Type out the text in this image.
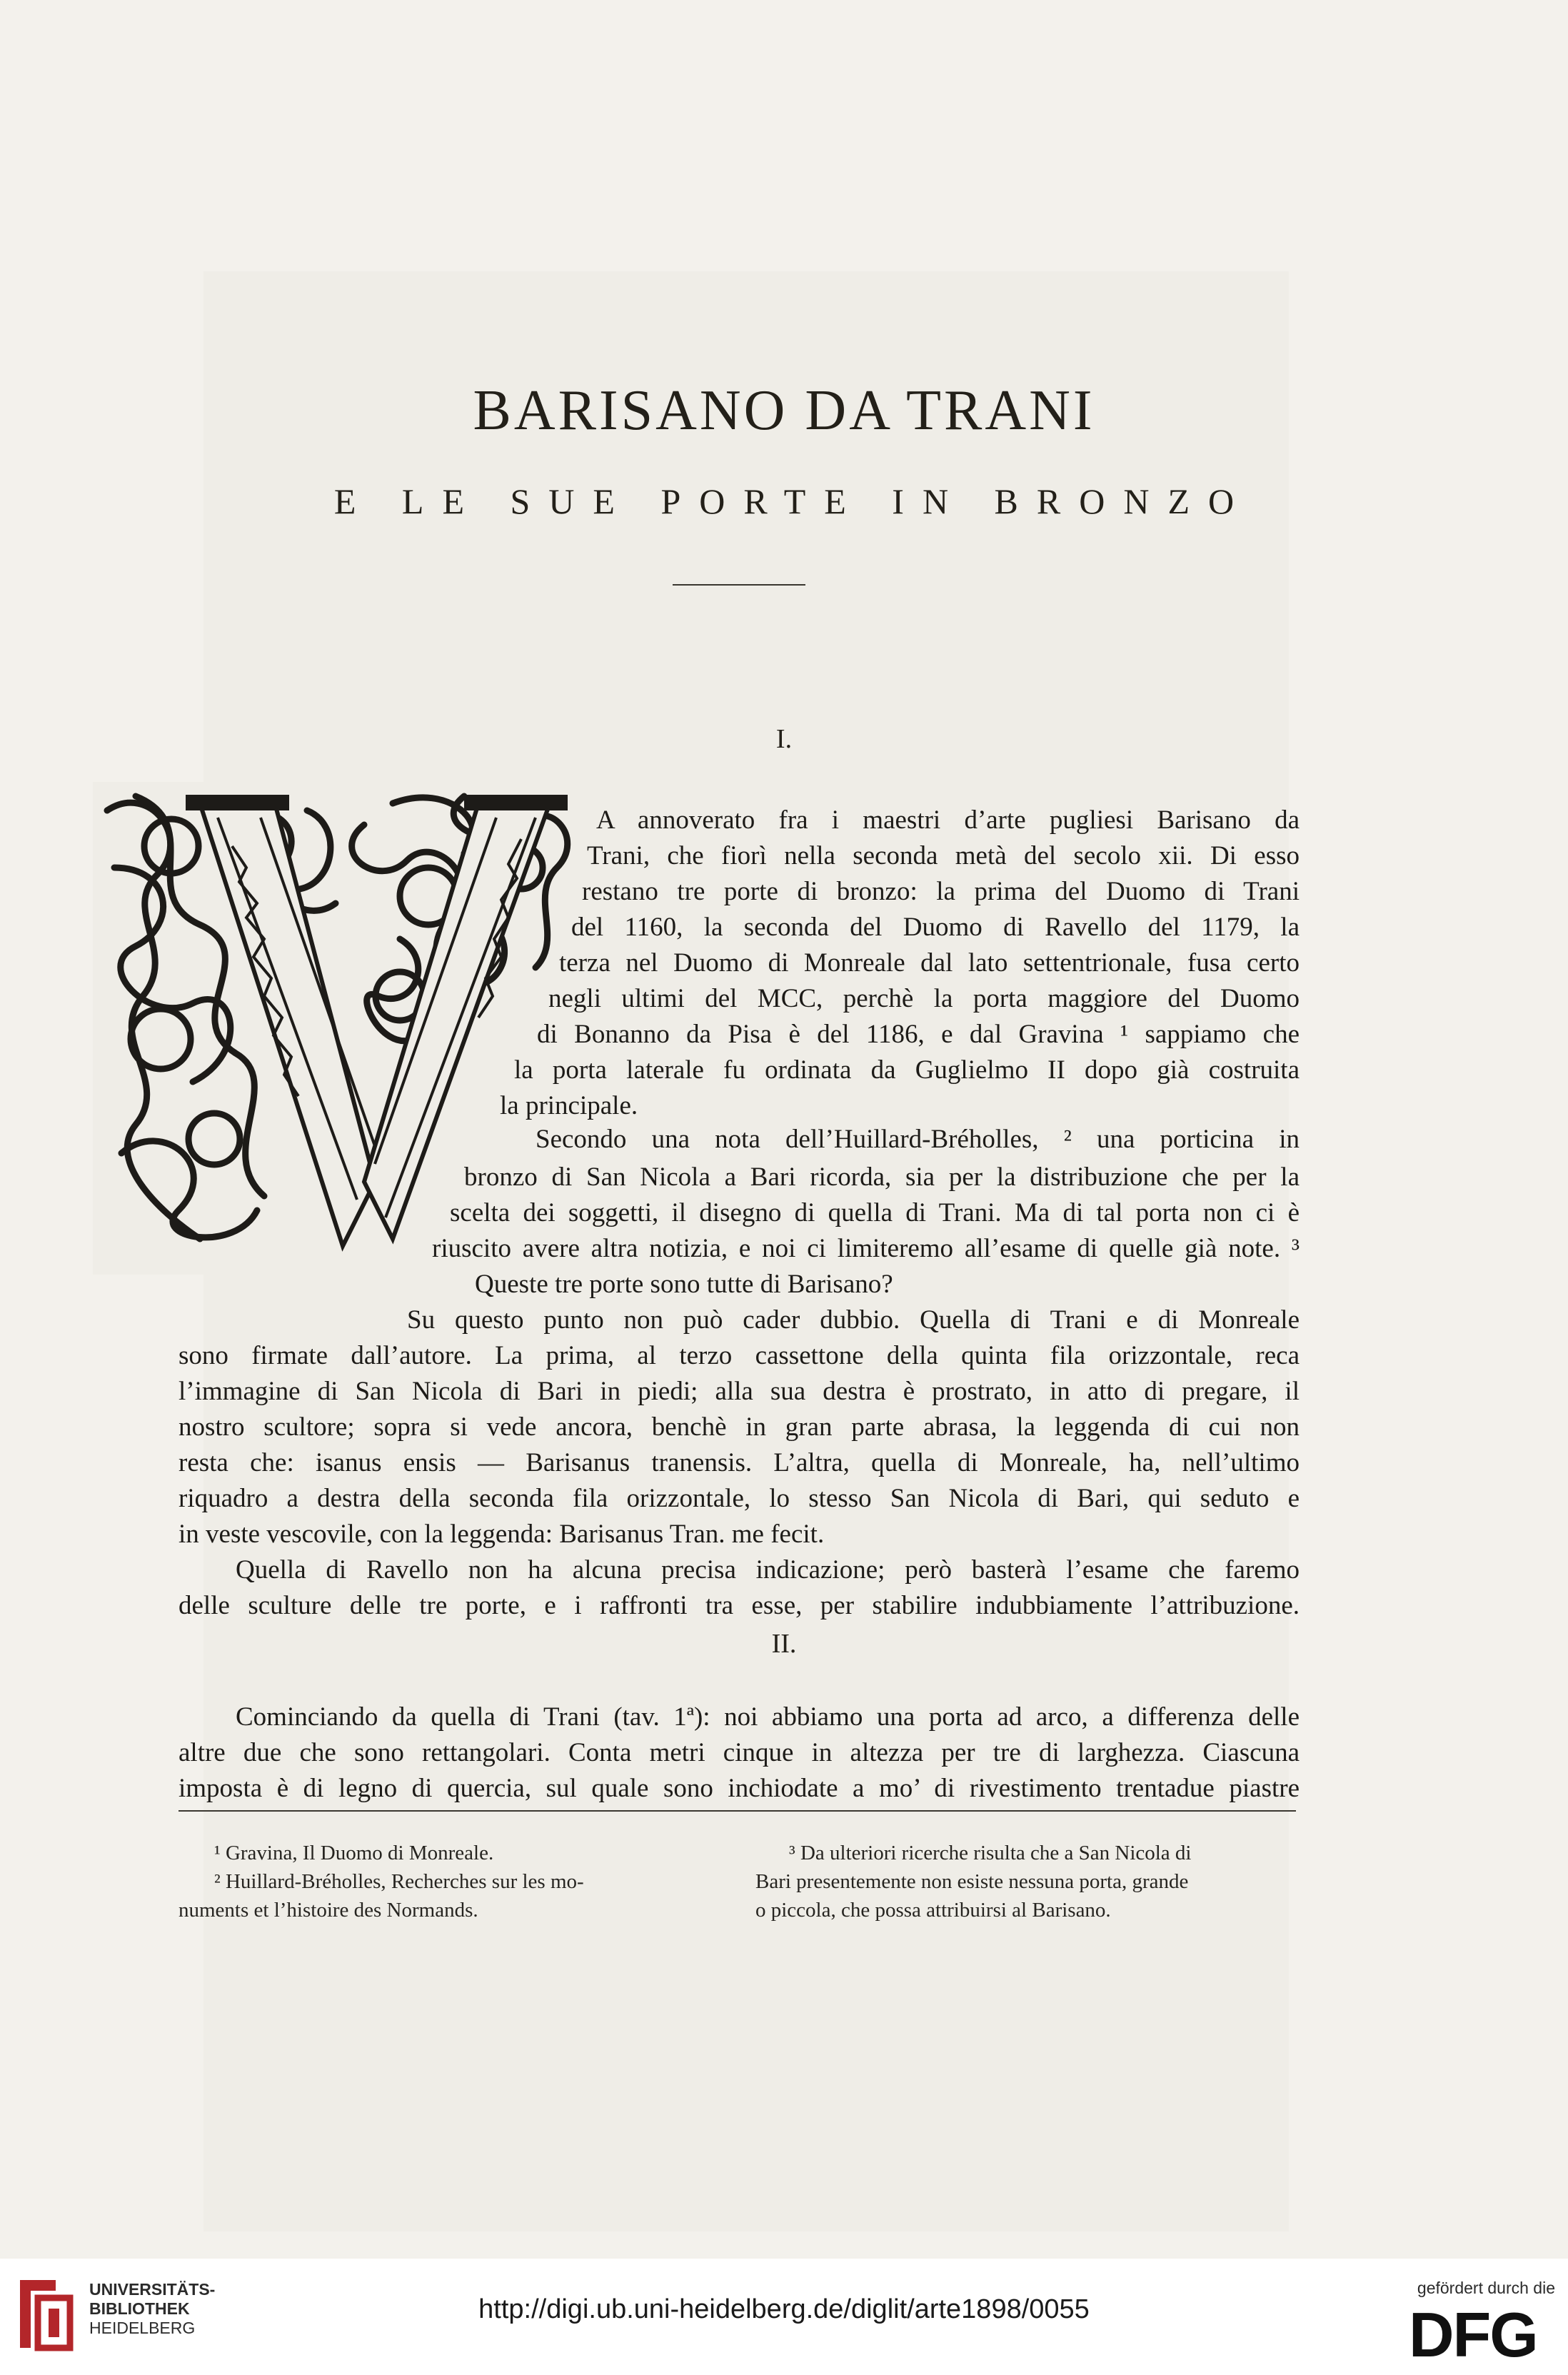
BARISANO DA TRANI
E LE SUE PORTE IN BRONZO
I.
A annoverato fra i maestri d’arte pugliesi Barisano da
Trani, che fiorì nella seconda metà del secolo xii. Di esso
restano tre porte di bronzo: la prima del Duomo di Trani
del 1160, la seconda del Duomo di Ravello del 1179, la
terza nel Duomo di Monreale dal lato settentrionale, fusa certo
negli ultimi del MCC, perchè la porta maggiore del Duomo
di Bonanno da Pisa è del 1186, e dal Gravina ¹ sappiamo che
la porta laterale fu ordinata da Guglielmo II dopo già costruita
la principale.
Secondo una nota dell’Huillard-Bréholles, ² una porticina in
bronzo di San Nicola a Bari ricorda, sia per la distribuzione che per la
scelta dei soggetti, il disegno di quella di Trani. Ma di tal porta non ci è
riuscito avere altra notizia, e noi ci limiteremo all’esame di quelle già note. ³
Queste tre porte sono tutte di Barisano?
Su questo punto non può cader dubbio. Quella di Trani e di Monreale
sono firmate dall’autore. La prima, al terzo cassettone della quinta fila orizzontale, reca
l’immagine di San Nicola di Bari in piedi; alla sua destra è prostrato, in atto di pregare, il
nostro scultore; sopra si vede ancora, benchè in gran parte abrasa, la leggenda di cui non
resta che: isanus ensis — Barisanus tranensis. L’altra, quella di Monreale, ha, nell’ultimo
riquadro a destra della seconda fila orizzontale, lo stesso San Nicola di Bari, qui seduto e
in veste vescovile, con la leggenda: Barisanus Tran. me fecit.
Quella di Ravello non ha alcuna precisa indicazione; però basterà l’esame che faremo
delle sculture delle tre porte, e i raffronti tra esse, per stabilire indubbiamente l’attribuzione.
II.
Cominciando da quella di Trani (tav. 1ª): noi abbiamo una porta ad arco, a differenza delle
altre due che sono rettangolari. Conta metri cinque in altezza per tre di larghezza. Ciascuna
imposta è di legno di quercia, sul quale sono inchiodate a mo’ di rivestimento trentadue piastre
¹ Gravina, Il Duomo di Monreale.
² Huillard-Bréholles, Recherches sur les mo-
numents et l’histoire des Normands.
³ Da ulteriori ricerche risulta che a San Nicola di
Bari presentemente non esiste nessuna porta, grande
o piccola, che possa attribuirsi al Barisano.
UNIVERSITÄTS-
BIBLIOTHEK
HEIDELBERG
http://digi.ub.uni-heidelberg.de/diglit/arte1898/0055
gefördert durch die
DFG
